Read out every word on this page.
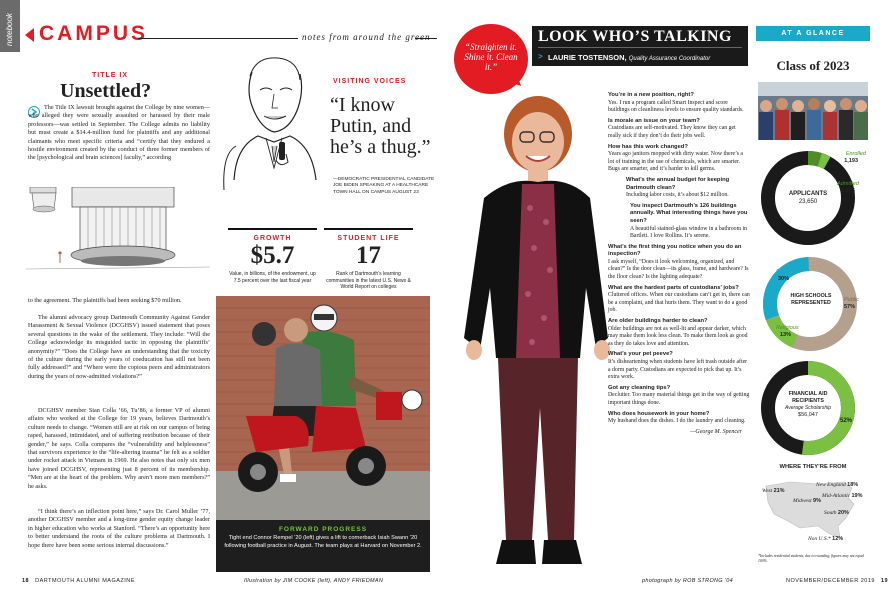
notebook CAMPUS	notes from around the green
TITLE IX
Unsettled?
The Title IX lawsuit brought against the College by nine women—who alleged they were sexually assaulted or harassed by their male professors—was settled in September. The College admits no liability but must create a $14.4-million fund for plaintiffs and any additional claimants who meet specific criteria and “certify that they endured a hostile environment created by the conduct of three former members of the [psychological and brain sciences] faculty,” according
to the agreement. The plaintiffs had been seeking $70 million.
The alumni advocacy group Dartmouth Community Against Gender Harassment & Sexual Violence (DCGHSV) issued statement that poses several questions in the wake of the settlement. They include: “Will the College acknowledge its misguided tactic in opposing the plaintiffs’ anonymity?” “Does the College have an understanding that the toxicity of the culture during the early years of coeducation has still not been fully addressed?” and “Where were the copious peers and administrators during the years of now-admitted violations?”
DCGHSV member Stan Colla ’66, Tu’86, a former VP of alumni affairs who worked at the College for 19 years, believes Dartmouth’s culture needs to change. “Women still are at risk on our campus of being raped, harassed, intimidated, and of suffering retribution because of their gender,” he says. Colla compares the “vulnerability and helplessness” that survivors experience to the “life-altering trauma” he felt as a soldier under rocket attack in Vietnam in 1969. He also notes that only six men have joined DCGHSV, representing just 8 percent of its membership. “Men are at the heart of the problem. Why aren’t more men members?” he asks.
“I think there’s an inflection point here,” says Dr. Carol Muller ’77, another DCGHSV member and a long-time gender equity change leader in higher education who works at Stanford. “There’s an opportunity here to better understand the roots of the culture problems at Dartmouth. I hope there have been some serious internal discussions.”
VISITING VOICES
“I know Putin, and he’s a thug.”
—DEMOCRATIC PRESIDENTIAL CANDIDATE JOE BIDEN SPEAKING AT A HEALTHCARE TOWN HALL ON CAMPUS AUGUST 23
GROWTH
$5.7
Value, in billions, of the endowment, up 7.5 percent over the last fiscal year
STUDENT LIFE
17
Rank of Dartmouth’s learning communities in the latest U.S. News & World Report on colleges
FORWARD PROGRESS
Tight end Connor Rempel ’20 (left) gives a lift to cornerback Isiah Swann ’20 following football practice in August. The team plays at Harvard on November 2.
18 DARTMOUTH ALUMNI MAGAZINE	Illustration by JIM COOKE (left), ANDY FRIEDMAN
“Straighten it. Shine it. Clean it.”
LOOK WHO’S TALKING
> LAURIE TOSTENSON, Quality Assurance Coordinator
You’re in a new position, right?
Yes. I run a program called Smart Inspect and score buildings on cleanliness levels to ensure quality standards.
Is morale an issue on your team?
Custodians are self-motivated. They know they can get really sick if they don’t do their jobs well.
How has this work changed?
Years ago janitors mopped with dirty water. Now there’s a lot of training in the use of chemicals, which are smarter. Bugs are smarter, and it’s harder to kill germs.
What’s the annual budget for keeping Dartmouth clean?
Including labor costs, it’s about $12 million.
You inspect Dartmouth’s 126 buildings annually. What interesting things have you seen?
A beautiful stained-glass window in a bathroom in Bartlett. I love Rollins. It’s serene.
What’s the first thing you notice when you do an inspection?
I ask myself, “Does it look welcoming, organized, and clean?” Is the door clean—its glass, frame, and hardware? Is the floor clean? Is the lighting adequate?
What are the hardest parts of custodians’ jobs?
Cluttered offices. When our custodians can’t get in, there can be a complaint, and that hurts them. They want to do a good job.
Are older buildings harder to clean?
Older buildings are not as well-lit and appear darker, which may make them look less clean. To make them look as good as they do takes love and attention.
What’s your pet peeve?
It’s disheartening when students have left trash outside after a dorm party. Custodians are expected to pick that up. It’s extra work.
Got any cleaning tips?
Declutter. Too many material things get in the way of getting important things done.
Who does housework in your home?
My husband does the dishes. I do the laundry and cleaning.
—George M. Spencer
AT A GLANCE
Class of 2023
APPLICANTS
23,650
Enrolled
1,193
Admitted
1,875
HIGH SCHOOLS REPRESENTED
Private
30%
Public
57%
Religious
13%
FINANCIAL AID RECIPIENTS
Average Scholarship
$56,047
52%
WHERE THEY’RE FROM
West 21%
New England 18%
Mid-Atlantic 19%
Midwest 9%
South 20%
Non U.S.* 12%
*Includes residential students, due to rounding, figures may not equal 100%.
photograph by ROB STRONG ’04	NOVEMBER/DECEMBER 2019 19
